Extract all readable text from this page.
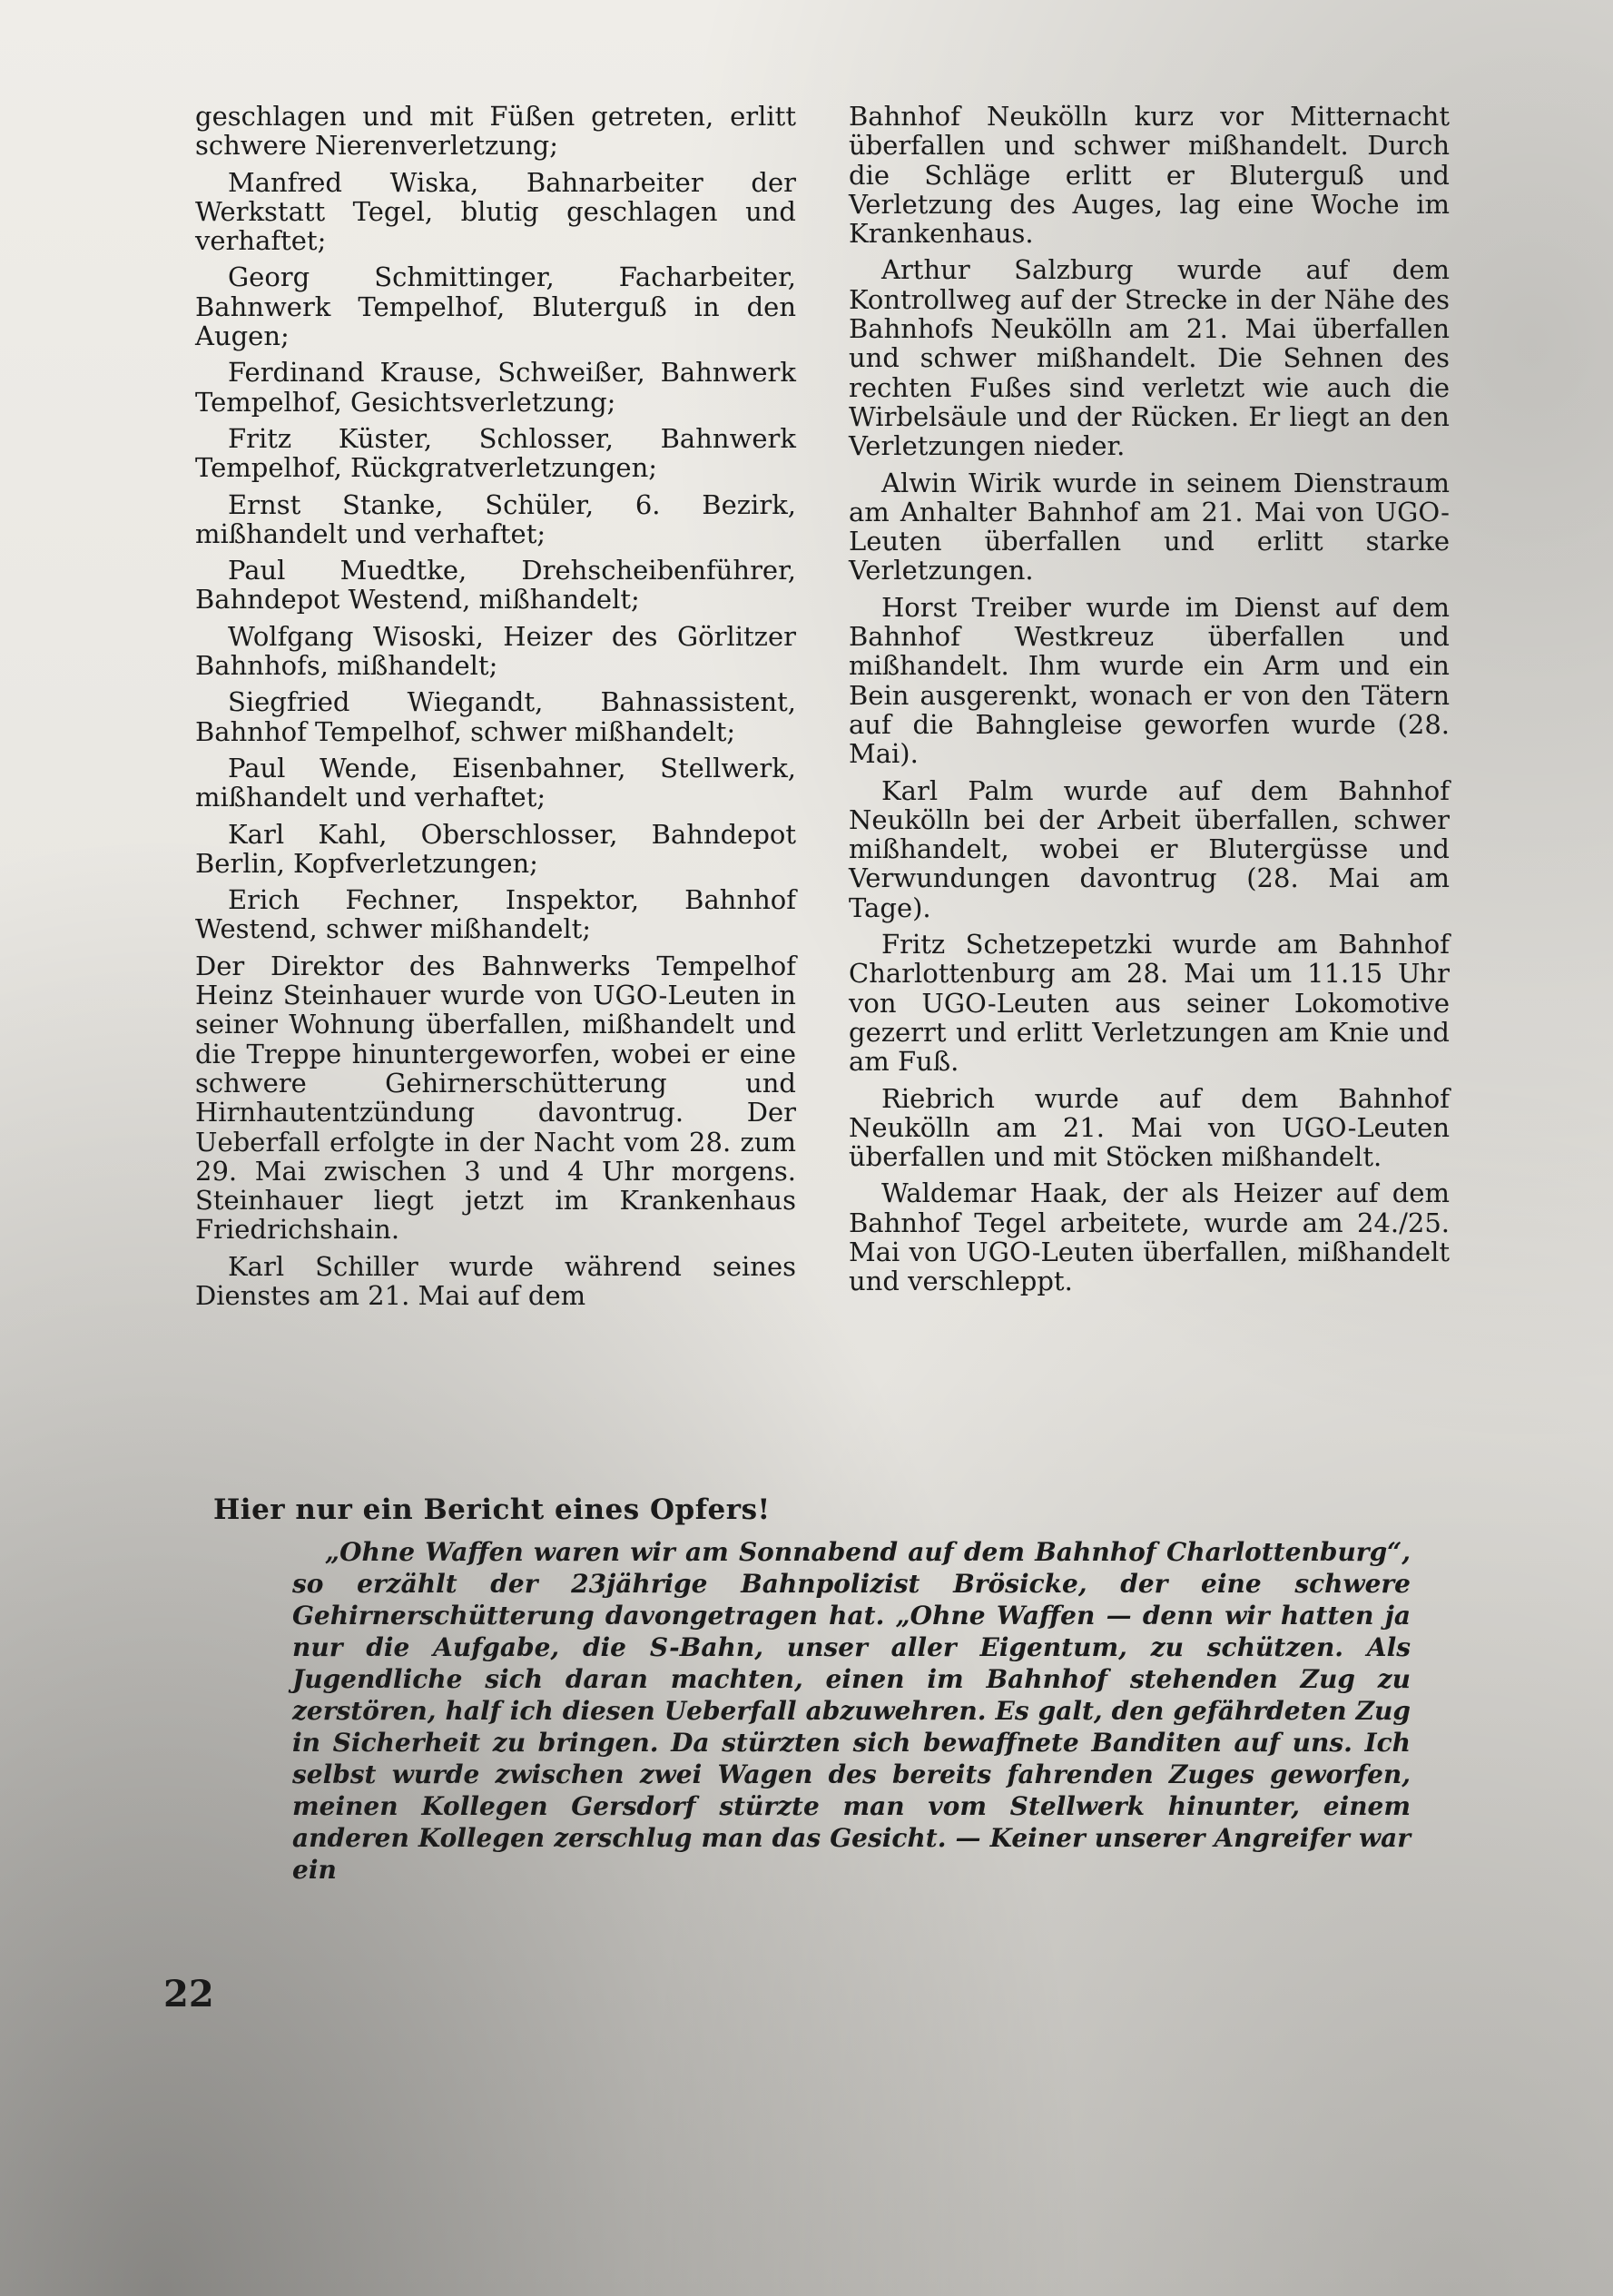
geschlagen und mit Füßen getreten, erlitt schwere Nierenverletzung;

Manfred Wiska, Bahnarbeiter der Werkstatt Tegel, blutig geschlagen und verhaftet;

Georg Schmittinger, Facharbeiter, Bahnwerk Tempelhof, Bluterguß in den Augen;

Ferdinand Krause, Schweißer, Bahnwerk Tempelhof, Gesichtsverletzung;

Fritz Küster, Schlosser, Bahnwerk Tempelhof, Rückgratverletzungen;

Ernst Stanke, Schüler, 6. Bezirk, mißhandelt und verhaftet;

Paul Muedtke, Drehscheibenführer, Bahndepot Westend, mißhandelt;

Wolfgang Wisoski, Heizer des Görlitzer Bahnhofs, mißhandelt;

Siegfried Wiegandt, Bahnassistent, Bahnhof Tempelhof, schwer mißhandelt;

Paul Wende, Eisenbahner, Stellwerk, mißhandelt und verhaftet;

Karl Kahl, Oberschlosser, Bahndepot Berlin, Kopfverletzungen;

Erich Fechner, Inspektor, Bahnhof Westend, schwer mißhandelt;

Der Direktor des Bahnwerks Tempelhof Heinz Steinhauer wurde von UGO-Leuten in seiner Wohnung überfallen, mißhandelt und die Treppe hinuntergeworfen, wobei er eine schwere Gehirnerschütterung und Hirnhautentzündung davontrug. Der Ueberfall erfolgte in der Nacht vom 28. zum 29. Mai zwischen 3 und 4 Uhr morgens. Steinhauer liegt jetzt im Krankenhaus Friedrichshain.

Karl Schiller wurde während seines Dienstes am 21. Mai auf dem

Bahnhof Neukölln kurz vor Mitternacht überfallen und schwer mißhandelt. Durch die Schläge erlitt er Bluterguß und Verletzung des Auges, lag eine Woche im Krankenhaus.

Arthur Salzburg wurde auf dem Kontrollweg auf der Strecke in der Nähe des Bahnhofs Neukölln am 21. Mai überfallen und schwer mißhandelt. Die Sehnen des rechten Fußes sind verletzt wie auch die Wirbelsäule und der Rücken. Er liegt an den Verletzungen nieder.

Alwin Wirik wurde in seinem Dienstraum am Anhalter Bahnhof am 21. Mai von UGO-Leuten überfallen und erlitt starke Verletzungen.

Horst Treiber wurde im Dienst auf dem Bahnhof Westkreuz überfallen und mißhandelt. Ihm wurde ein Arm und ein Bein ausgerenkt, wonach er von den Tätern auf die Bahngleise geworfen wurde (28. Mai).

Karl Palm wurde auf dem Bahnhof Neukölln bei der Arbeit überfallen, schwer mißhandelt, wobei er Blutergüsse und Verwundungen davontrug (28. Mai am Tage).

Fritz Schetzepetzki wurde am Bahnhof Charlottenburg am 28. Mai um 11.15 Uhr von UGO-Leuten aus seiner Lokomotive gezerrt und erlitt Verletzungen am Knie und am Fuß.

Riebrich wurde auf dem Bahnhof Neukölln am 21. Mai von UGO-Leuten überfallen und mit Stöcken mißhandelt.

Waldemar Haak, der als Heizer auf dem Bahnhof Tegel arbeitete, wurde am 24./25. Mai von UGO-Leuten überfallen, mißhandelt und verschleppt.

Hier nur ein Bericht eines Opfers!

„Ohne Waffen waren wir am Sonnabend auf dem Bahnhof Charlottenburg“, so erzählt der 23jährige Bahnpolizist Brösicke, der eine schwere Gehirnerschütterung davongetragen hat. „Ohne Waffen — denn wir hatten ja nur die Aufgabe, die S-Bahn, unser aller Eigentum, zu schützen. Als Jugendliche sich daran machten, einen im Bahnhof stehenden Zug zu zerstören, half ich diesen Ueberfall abzuwehren. Es galt, den gefährdeten Zug in Sicherheit zu bringen. Da stürzten sich bewaffnete Banditen auf uns. Ich selbst wurde zwischen zwei Wagen des bereits fahrenden Zuges geworfen, meinen Kollegen Gersdorf stürzte man vom Stellwerk hinunter, einem anderen Kollegen zerschlug man das Gesicht. — Keiner unserer Angreifer war ein

22
